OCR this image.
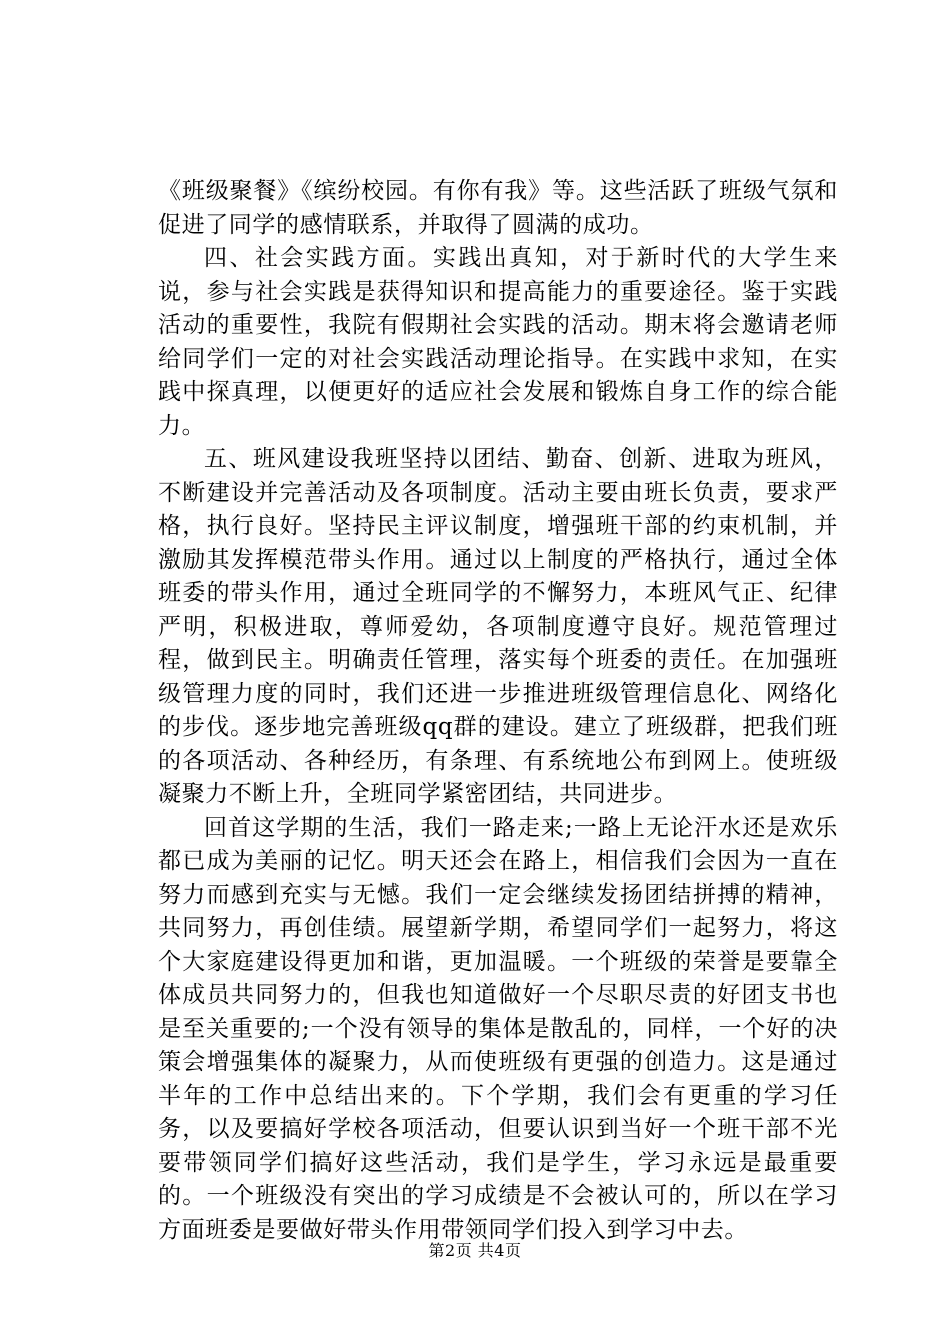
《班级聚餐》《缤纷校园。有你有我》等。这些活跃了班级气氛和促进了同学的感情联系，并取得了圆满的成功。

四、社会实践方面。实践出真知，对于新时代的大学生来说，参与社会实践是获得知识和提高能力的重要途径。鉴于实践活动的重要性，我院有假期社会实践的活动。期末将会邀请老师给同学们一定的对社会实践活动理论指导。在实践中求知，在实践中探真理，以便更好的适应社会发展和锻炼自身工作的综合能力。

五、班风建设我班坚持以团结、勤奋、创新、进取为班风，不断建设并完善活动及各项制度。活动主要由班长负责，要求严格，执行良好。坚持民主评议制度，增强班干部的约束机制，并激励其发挥模范带头作用。通过以上制度的严格执行，通过全体班委的带头作用，通过全班同学的不懈努力，本班风气正、纪律严明，积极进取，尊师爱幼，各项制度遵守良好。规范管理过程，做到民主。明确责任管理，落实每个班委的责任。在加强班级管理力度的同时，我们还进一步推进班级管理信息化、网络化的步伐。逐步地完善班级qq群的建设。建立了班级群，把我们班的各项活动、各种经历，有条理、有系统地公布到网上。使班级凝聚力不断上升，全班同学紧密团结，共同进步。

回首这学期的生活，我们一路走来;一路上无论汗水还是欢乐都已成为美丽的记忆。明天还会在路上，相信我们会因为一直在努力而感到充实与无憾。我们一定会继续发扬团结拼搏的精神，共同努力，再创佳绩。展望新学期，希望同学们一起努力，将这个大家庭建设得更加和谐，更加温暖。一个班级的荣誉是要靠全体成员共同努力的，但我也知道做好一个尽职尽责的好团支书也是至关重要的;一个没有领导的集体是散乱的，同样，一个好的决策会增强集体的凝聚力，从而使班级有更强的创造力。这是通过半年的工作中总结出来的。下个学期，我们会有更重的学习任务，以及要搞好学校各项活动，但要认识到当好一个班干部不光要带领同学们搞好这些活动，我们是学生，学习永远是最重要的。一个班级没有突出的学习成绩是不会被认可的，所以在学习方面班委是要做好带头作用带领同学们投入到学习中去。

第2页 共4页
